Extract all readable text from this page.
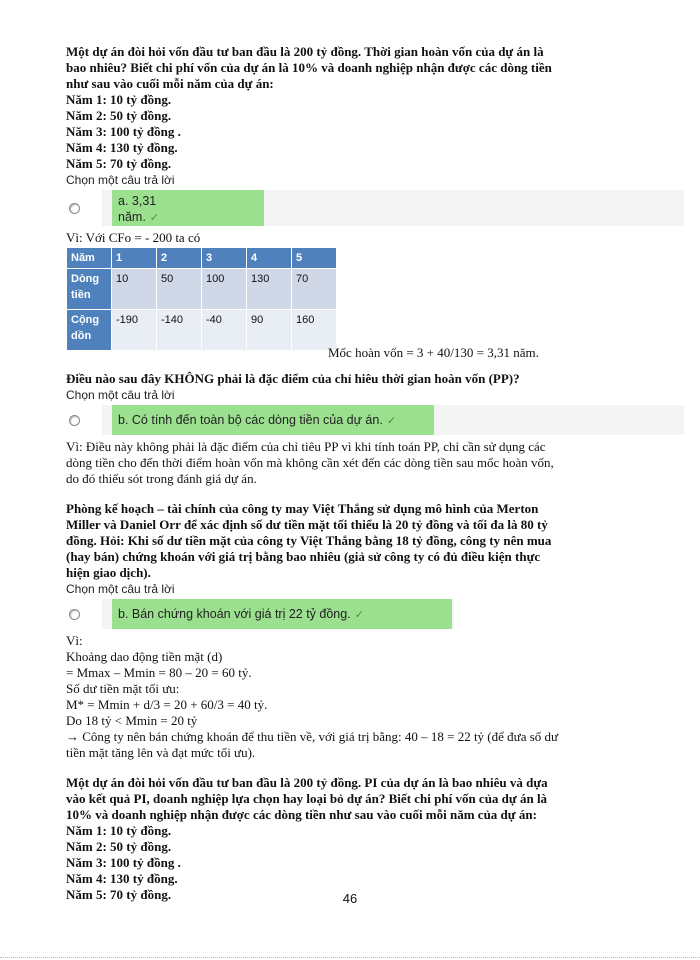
Một dự án đòi hỏi vốn đầu tư ban đầu là 200 tỷ đồng. Thời gian hoàn vốn của dự án là
bao nhiêu? Biết chi phí vốn của dự án là 10% và doanh nghiệp nhận được các dòng tiền
như sau vào cuối mỗi năm của dự án:
Năm 1: 10 tỷ đồng.
Năm 2: 50 tỷ đồng.
Năm 3: 100 tỷ đồng .
Năm 4: 130 tỷ đồng.
Năm 5: 70 tỷ đồng.
Chọn một câu trả lời
a. 3,31
năm. ✓
Vì: Với CFo = - 200 ta có
Năm	1	2	3	4	5
Dòng tiền	10	50	100	130	70
Cộng dồn	-190	-140	-40	90	160
Mốc hoàn vốn = 3 + 40/130 = 3,31 năm.
Điều nào sau đây KHÔNG phải là đặc điểm của chỉ hiêu thời gian hoàn vốn (PP)?
Chọn một câu trả lời
b. Có tính đến toàn bộ các dòng tiền của dự án. ✓
Vì: Điều này không phải là đặc điểm của chỉ tiêu PP vì khi tính toán PP, chỉ cần sử dụng các
dòng tiền cho đến thời điểm hoàn vốn mà không cần xét đến các dòng tiền sau mốc hoàn vốn,
do đó thiếu sót trong đánh giá dự án.
Phòng kế hoạch – tài chính của công ty may Việt Thắng sử dụng mô hình của Merton
Miller và Daniel Orr để xác định số dư tiền mặt tối thiểu là 20 tỷ đồng và tối đa là 80 tỷ
đồng. Hỏi: Khi số dư tiền mặt của công ty Việt Thắng bằng 18 tỷ đồng, công ty nên mua
(hay bán) chứng khoán với giá trị bằng bao nhiêu (giả sử công ty có đủ điều kiện thực
hiện giao dịch).
Chọn một câu trả lời
b. Bán chứng khoán với giá trị 22 tỷ đồng. ✓
Vì:
Khoảng dao động tiền mặt (d)
= Mmax – Mmin = 80 – 20 = 60 tỷ.
Số dư tiền mặt tối ưu:
M* = Mmin + d/3 = 20 + 60/3 = 40 tỷ.
Do 18 tỷ < Mmin = 20 tỷ
→ Công ty nên bán chứng khoán để thu tiền về, với giá trị bằng: 40 – 18 = 22 tỷ (để đưa số dư
tiền mặt tăng lên và đạt mức tối ưu).
Một dự án đòi hỏi vốn đầu tư ban đầu là 200 tỷ đồng. PI của dự án là bao nhiêu và dựa
vào kết quả PI, doanh nghiệp lựa chọn hay loại bỏ dự án? Biết chi phí vốn của dự án là
10% và doanh nghiệp nhận được các dòng tiền như sau vào cuối mỗi năm của dự án:
Năm 1: 10 tỷ đồng.
Năm 2: 50 tỷ đồng.
Năm 3: 100 tỷ đồng .
Năm 4: 130 tỷ đồng.
Năm 5: 70 tỷ đồng.	46
